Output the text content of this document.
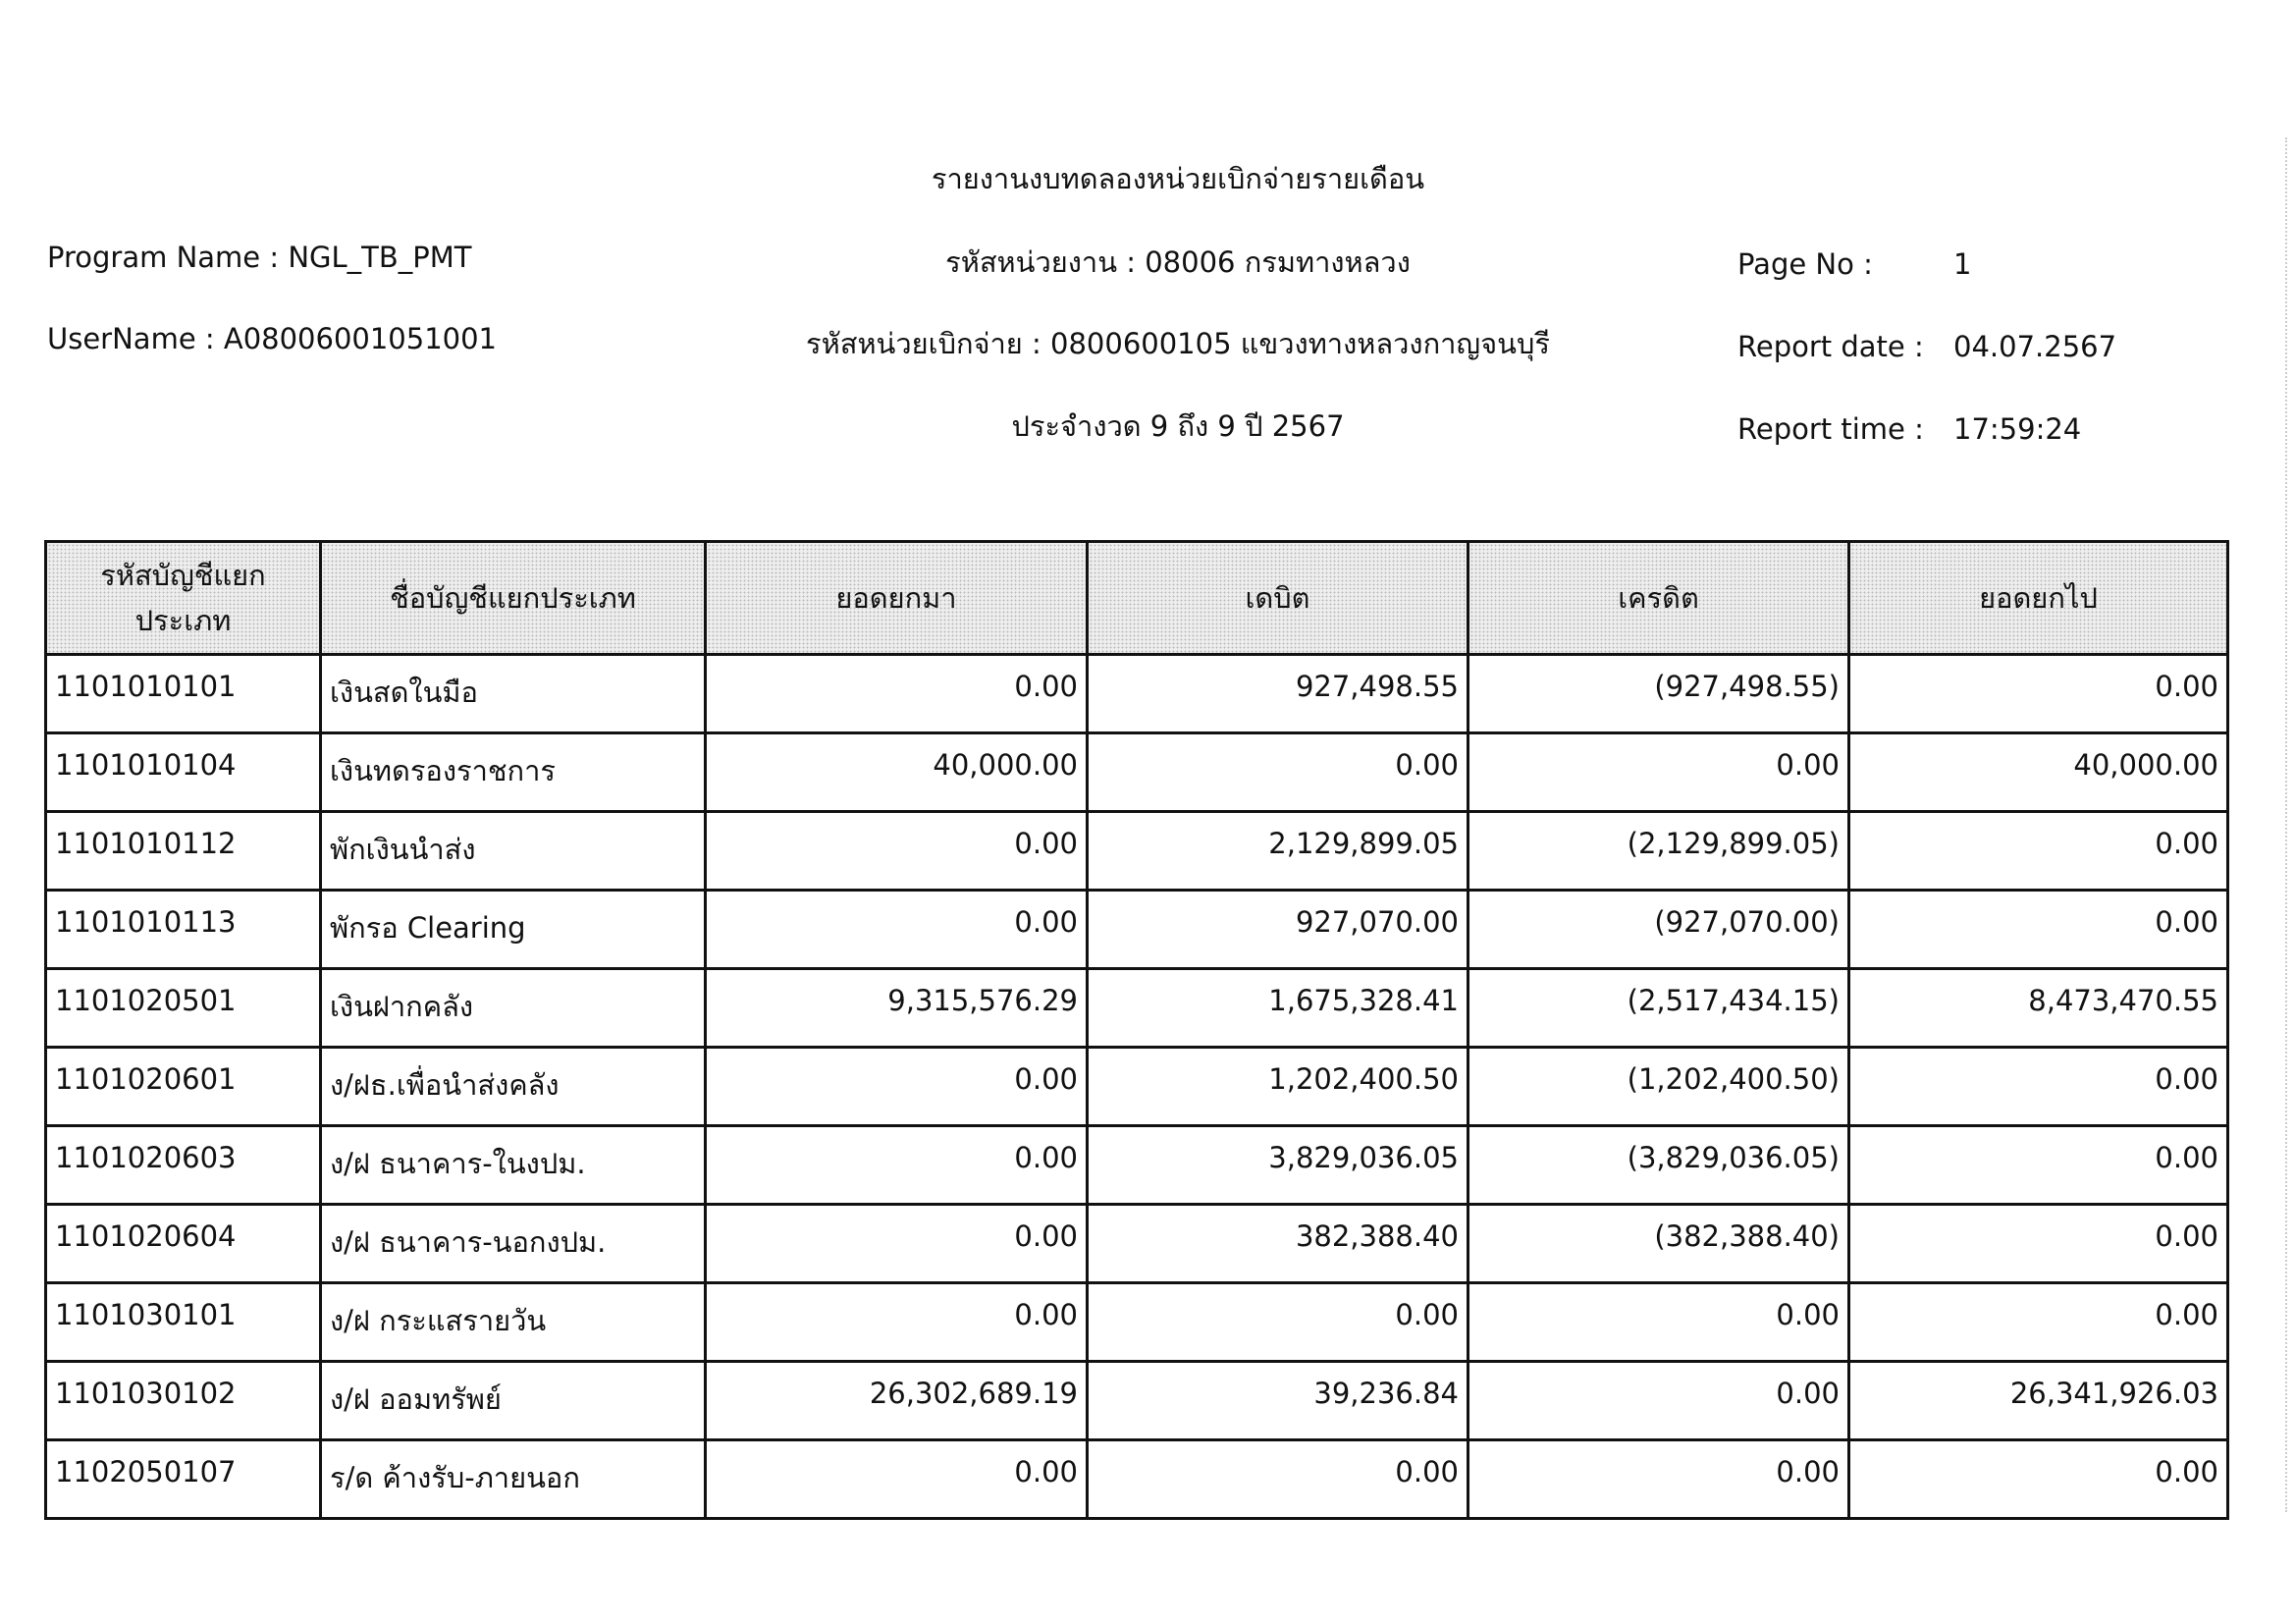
รายงานงบทดลองหน่วยเบิกจ่ายรายเดือน
Program Name : NGL_TB_PMT
UserName : A08006001051001
รหัสหน่วยงาน : 08006 กรมทางหลวง
รหัสหน่วยเบิกจ่าย : 0800600105 แขวงทางหลวงกาญจนบุรี
ประจำงวด 9 ถึง 9 ปี 2567
Page No :	1
Report date : 04.07.2567
Report time : 17:59:24
รหัสบัญชีแยกประเภท	ชื่อบัญชีแยกประเภท	ยอดยกมา	เดบิต	เครดิต	ยอดยกไป
1101010101	เงินสดในมือ	0.00	927,498.55	(927,498.55)	0.00
1101010104	เงินทดรองราชการ	40,000.00	0.00	0.00	40,000.00
1101010112	พักเงินนำส่ง	0.00	2,129,899.05	(2,129,899.05)	0.00
1101010113	พักรอ Clearing	0.00	927,070.00	(927,070.00)	0.00
1101020501	เงินฝากคลัง	9,315,576.29	1,675,328.41	(2,517,434.15)	8,473,470.55
1101020601	ง/ฝธ.เพื่อนำส่งคลัง	0.00	1,202,400.50	(1,202,400.50)	0.00
1101020603	ง/ฝ ธนาคาร-ในงปม.	0.00	3,829,036.05	(3,829,036.05)	0.00
1101020604	ง/ฝ ธนาคาร-นอกงปม.	0.00	382,388.40	(382,388.40)	0.00
1101030101	ง/ฝ กระแสรายวัน	0.00	0.00	0.00	0.00
1101030102	ง/ฝ ออมทรัพย์	26,302,689.19	39,236.84	0.00	26,341,926.03
1102050107	ร/ด ค้างรับ-ภายนอก	0.00	0.00	0.00	0.00
